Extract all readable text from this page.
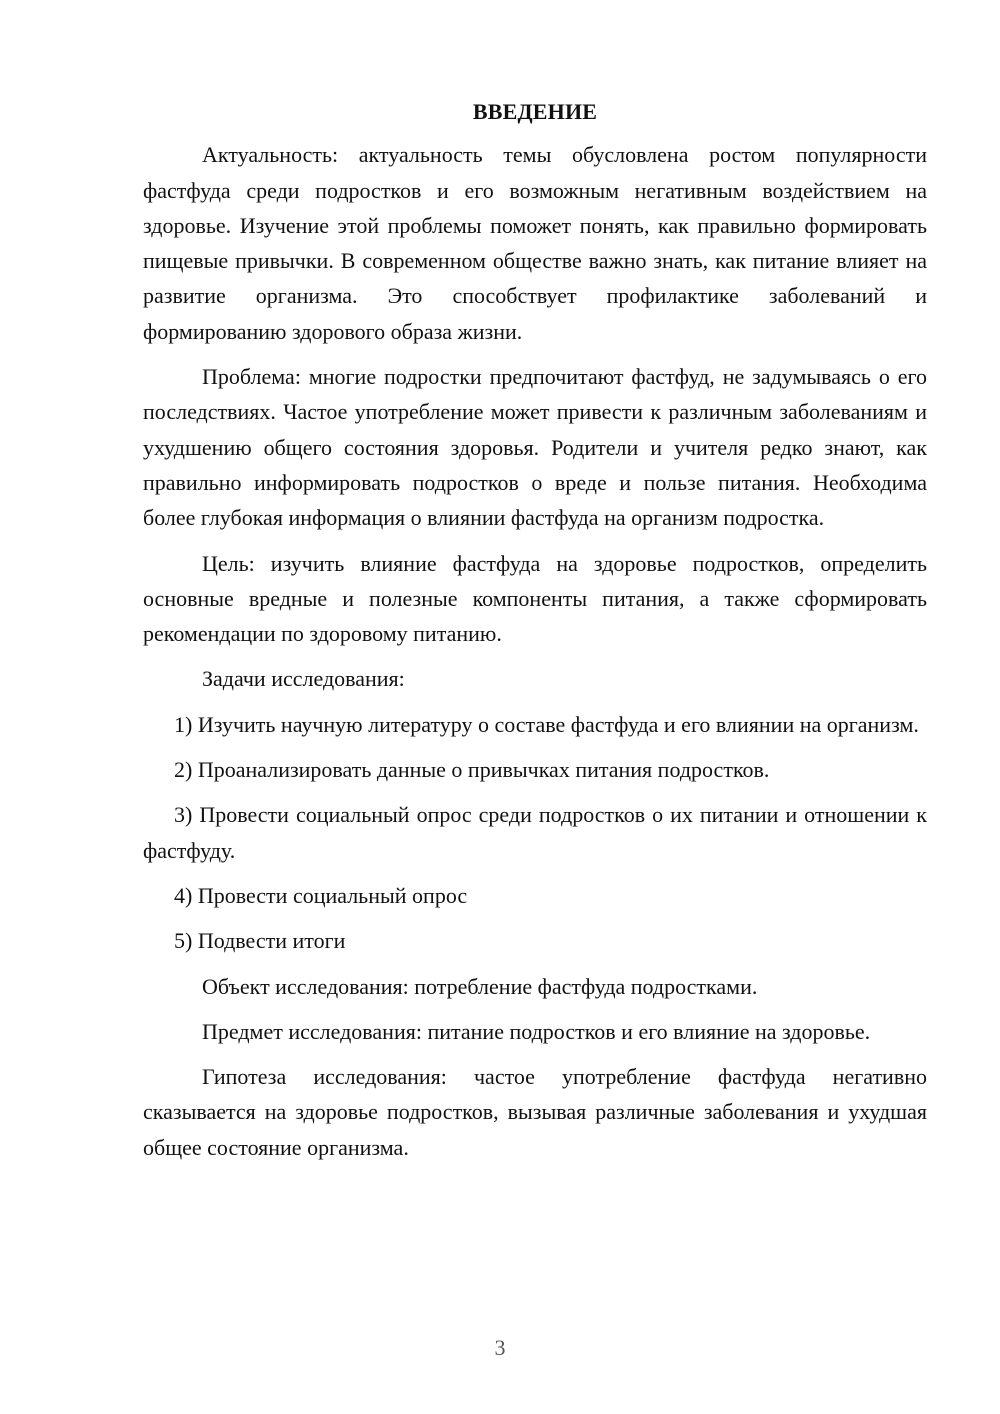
ВВЕДЕНИЕ
Актуальность: актуальность темы обусловлена ростом популярности фастфуда среди подростков и его возможным негативным воздействием на здоровье. Изучение этой проблемы поможет понять, как правильно формировать пищевые привычки. В современном обществе важно знать, как питание влияет на развитие организма. Это способствует профилактике заболеваний и формированию здорового образа жизни.
Проблема: многие подростки предпочитают фастфуд, не задумываясь о его последствиях. Частое употребление может привести к различным заболеваниям и ухудшению общего состояния здоровья. Родители и учителя редко знают, как правильно информировать подростков о вреде и пользе питания. Необходима более глубокая информация о влиянии фастфуда на организм подростка.
Цель: изучить влияние фастфуда на здоровье подростков, определить основные вредные и полезные компоненты питания, а также сформировать рекомендации по здоровому питанию.
Задачи исследования:
1) Изучить научную литературу о составе фастфуда и его влиянии на организм.
2) Проанализировать данные о привычках питания подростков.
3) Провести социальный опрос среди подростков о их питании и отношении к фастфуду.
4) Провести социальный опрос
5) Подвести итоги
Объект исследования: потребление фастфуда подростками.
Предмет исследования: питание подростков и его влияние на здоровье.
Гипотеза исследования: частое употребление фастфуда негативно сказывается на здоровье подростков, вызывая различные заболевания и ухудшая общее состояние организма.
3
